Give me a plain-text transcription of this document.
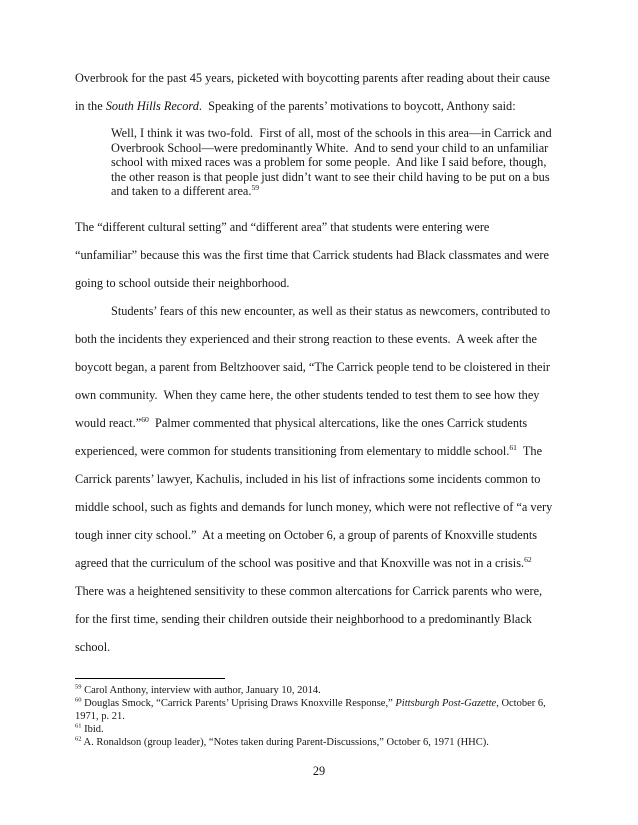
Overbrook for the past 45 years, picketed with boycotting parents after reading about their cause
in the South Hills Record.  Speaking of the parents’ motivations to boycott, Anthony said:
Well, I think it was two-fold.  First of all, most of the schools in this area—in Carrick and
Overbrook School—were predominantly White.  And to send your child to an unfamiliar
school with mixed races was a problem for some people.  And like I said before, though,
the other reason is that people just didn’t want to see their child having to be put on a bus
and taken to a different area.$^{59}$
The “different cultural setting” and “different area” that students were entering were
“unfamiliar” because this was the first time that Carrick students had Black classmates and were
going to school outside their neighborhood.
Students’ fears of this new encounter, as well as their status as newcomers, contributed to
both the incidents they experienced and their strong reaction to these events.  A week after the
boycott began, a parent from Beltzhoover said, “The Carrick people tend to be cloistered in their
own community.  When they came here, the other students tended to test them to see how they
would react.”$^{60}$  Palmer commented that physical altercations, like the ones Carrick students
experienced, were common for students transitioning from elementary to middle school.$^{61}$  The
Carrick parents’ lawyer, Kachulis, included in his list of infractions some incidents common to
middle school, such as fights and demands for lunch money, which were not reflective of “a very
tough inner city school.”  At a meeting on October 6, a group of parents of Knoxville students
agreed that the curriculum of the school was positive and that Knoxville was not in a crisis.$^{62}$
There was a heightened sensitivity to these common altercations for Carrick parents who were,
for the first time, sending their children outside their neighborhood to a predominantly Black
school.
$^{59}$ Carol Anthony, interview with author, January 10, 2014.
$^{60}$ Douglas Smock, “Carrick Parents’ Uprising Draws Knoxville Response,” Pittsburgh Post-Gazette, October 6,
1971, p. 21.
$^{61}$ Ibid.
$^{62}$ A. Ronaldson (group leader), “Notes taken during Parent-Discussions,” October 6, 1971 (HHC).
29
